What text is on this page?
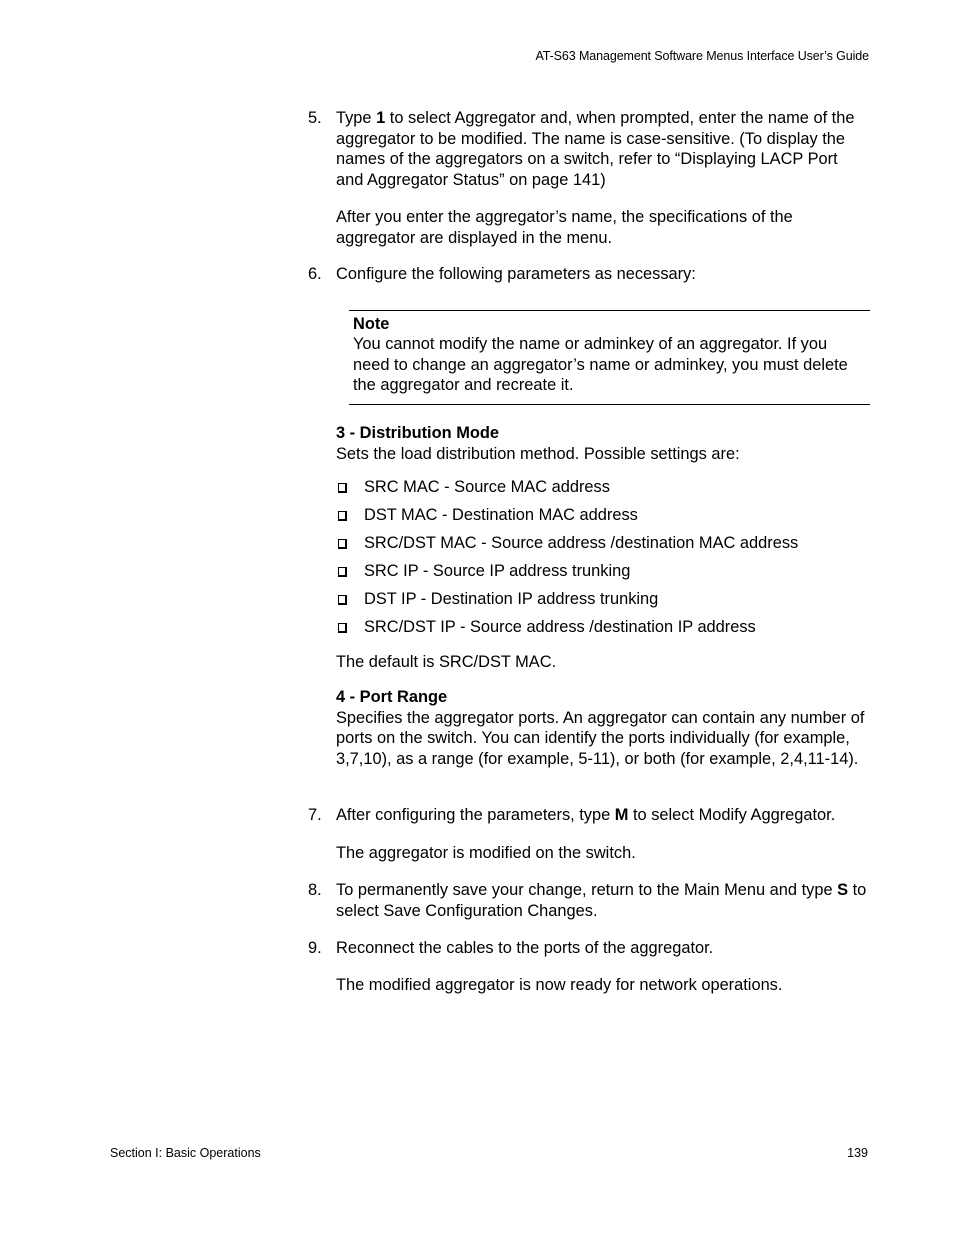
AT-S63 Management Software Menus Interface User’s Guide
5. Type 1 to select Aggregator and, when prompted, enter the name of the aggregator to be modified. The name is case-sensitive. (To display the names of the aggregators on a switch, refer to “Displaying LACP Port and Aggregator Status” on page 141)
After you enter the aggregator’s name, the specifications of the aggregator are displayed in the menu.
6. Configure the following parameters as necessary:
Note
You cannot modify the name or adminkey of an aggregator. If you need to change an aggregator’s name or adminkey, you must delete the aggregator and recreate it.
3 - Distribution Mode
Sets the load distribution method. Possible settings are:
SRC MAC - Source MAC address
DST MAC - Destination MAC address
SRC/DST MAC - Source address /destination MAC address
SRC IP - Source IP address trunking
DST IP - Destination IP address trunking
SRC/DST IP - Source address /destination IP address
The default is SRC/DST MAC.
4 - Port Range
Specifies the aggregator ports. An aggregator can contain any number of ports on the switch. You can identify the ports individually (for example, 3,7,10), as a range (for example, 5-11), or both (for example, 2,4,11-14).
7. After configuring the parameters, type M to select Modify Aggregator.
The aggregator is modified on the switch.
8. To permanently save your change, return to the Main Menu and type S to select Save Configuration Changes.
9. Reconnect the cables to the ports of the aggregator.
The modified aggregator is now ready for network operations.
Section I: Basic Operations	139
